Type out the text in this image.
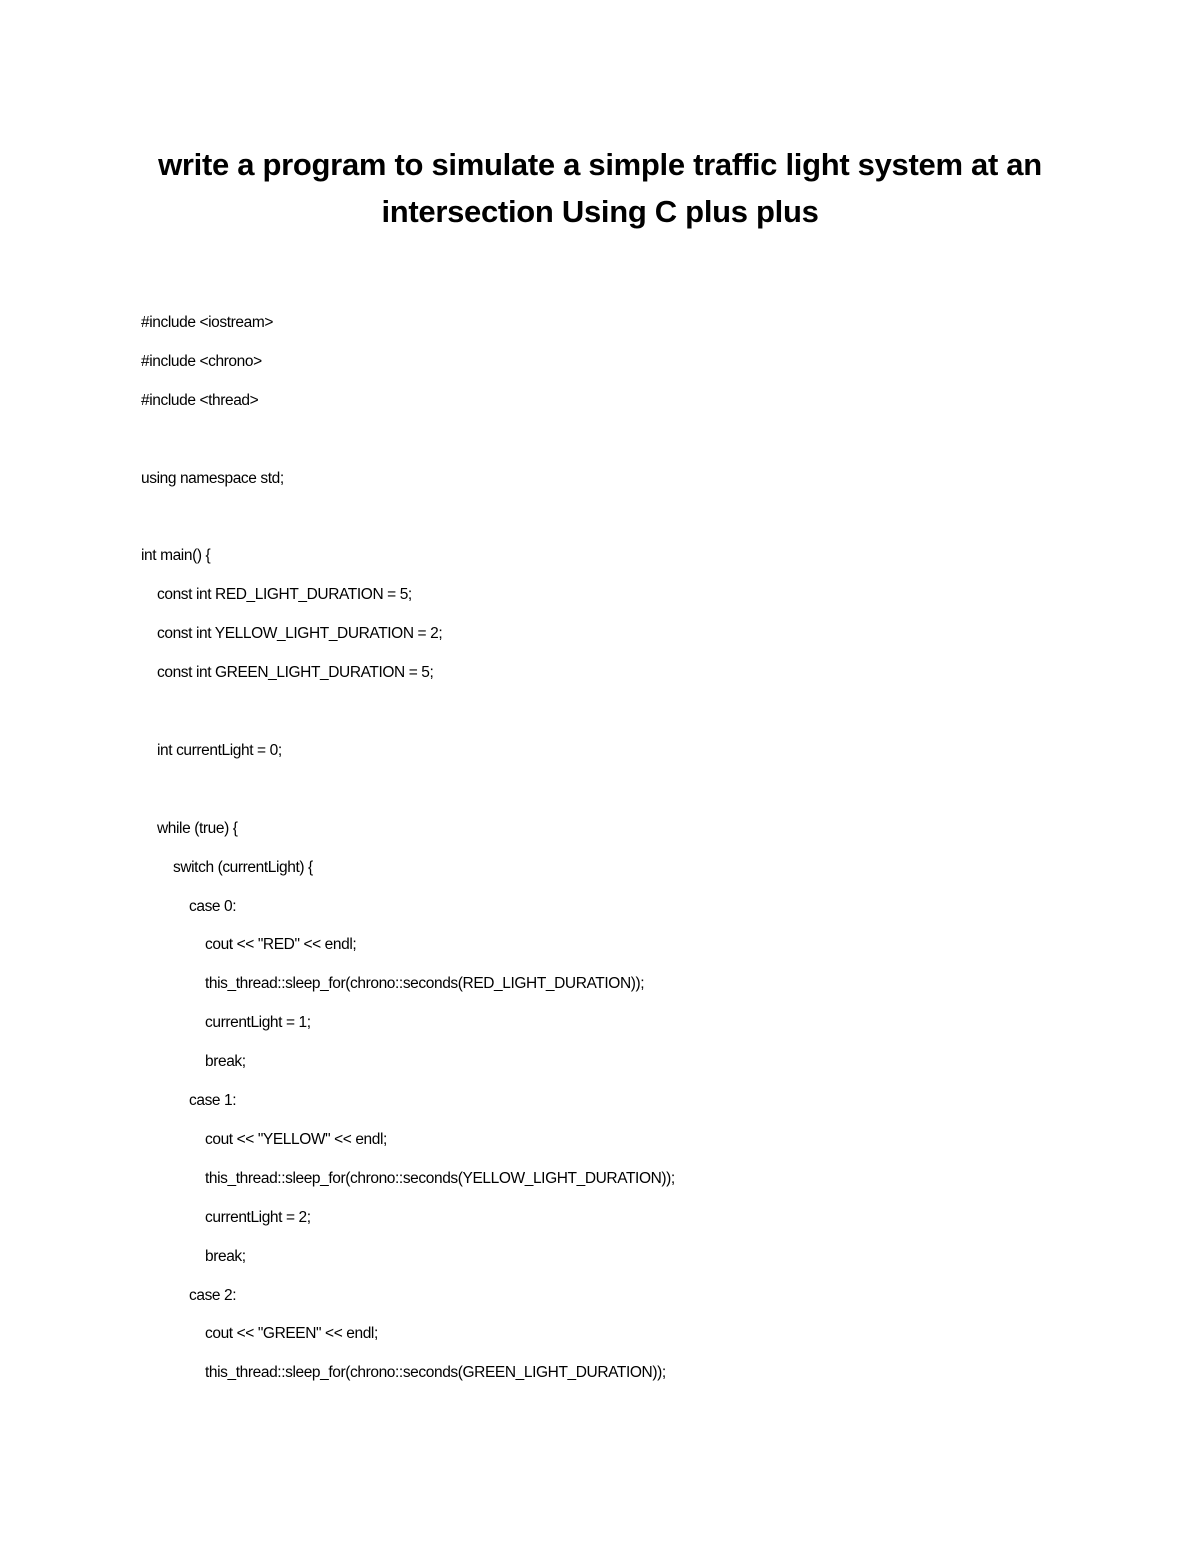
write a program to simulate a simple traffic light system at an
intersection Using C plus plus
#include <iostream>
#include <chrono>
#include <thread>
using namespace std;
int main() {
const int RED_LIGHT_DURATION = 5;
const int YELLOW_LIGHT_DURATION = 2;
const int GREEN_LIGHT_DURATION = 5;
int currentLight = 0;
while (true) {
switch (currentLight) {
case 0:
cout << "RED" << endl;
this_thread::sleep_for(chrono::seconds(RED_LIGHT_DURATION));
currentLight = 1;
break;
case 1:
cout << "YELLOW" << endl;
this_thread::sleep_for(chrono::seconds(YELLOW_LIGHT_DURATION));
currentLight = 2;
break;
case 2:
cout << "GREEN" << endl;
this_thread::sleep_for(chrono::seconds(GREEN_LIGHT_DURATION));
